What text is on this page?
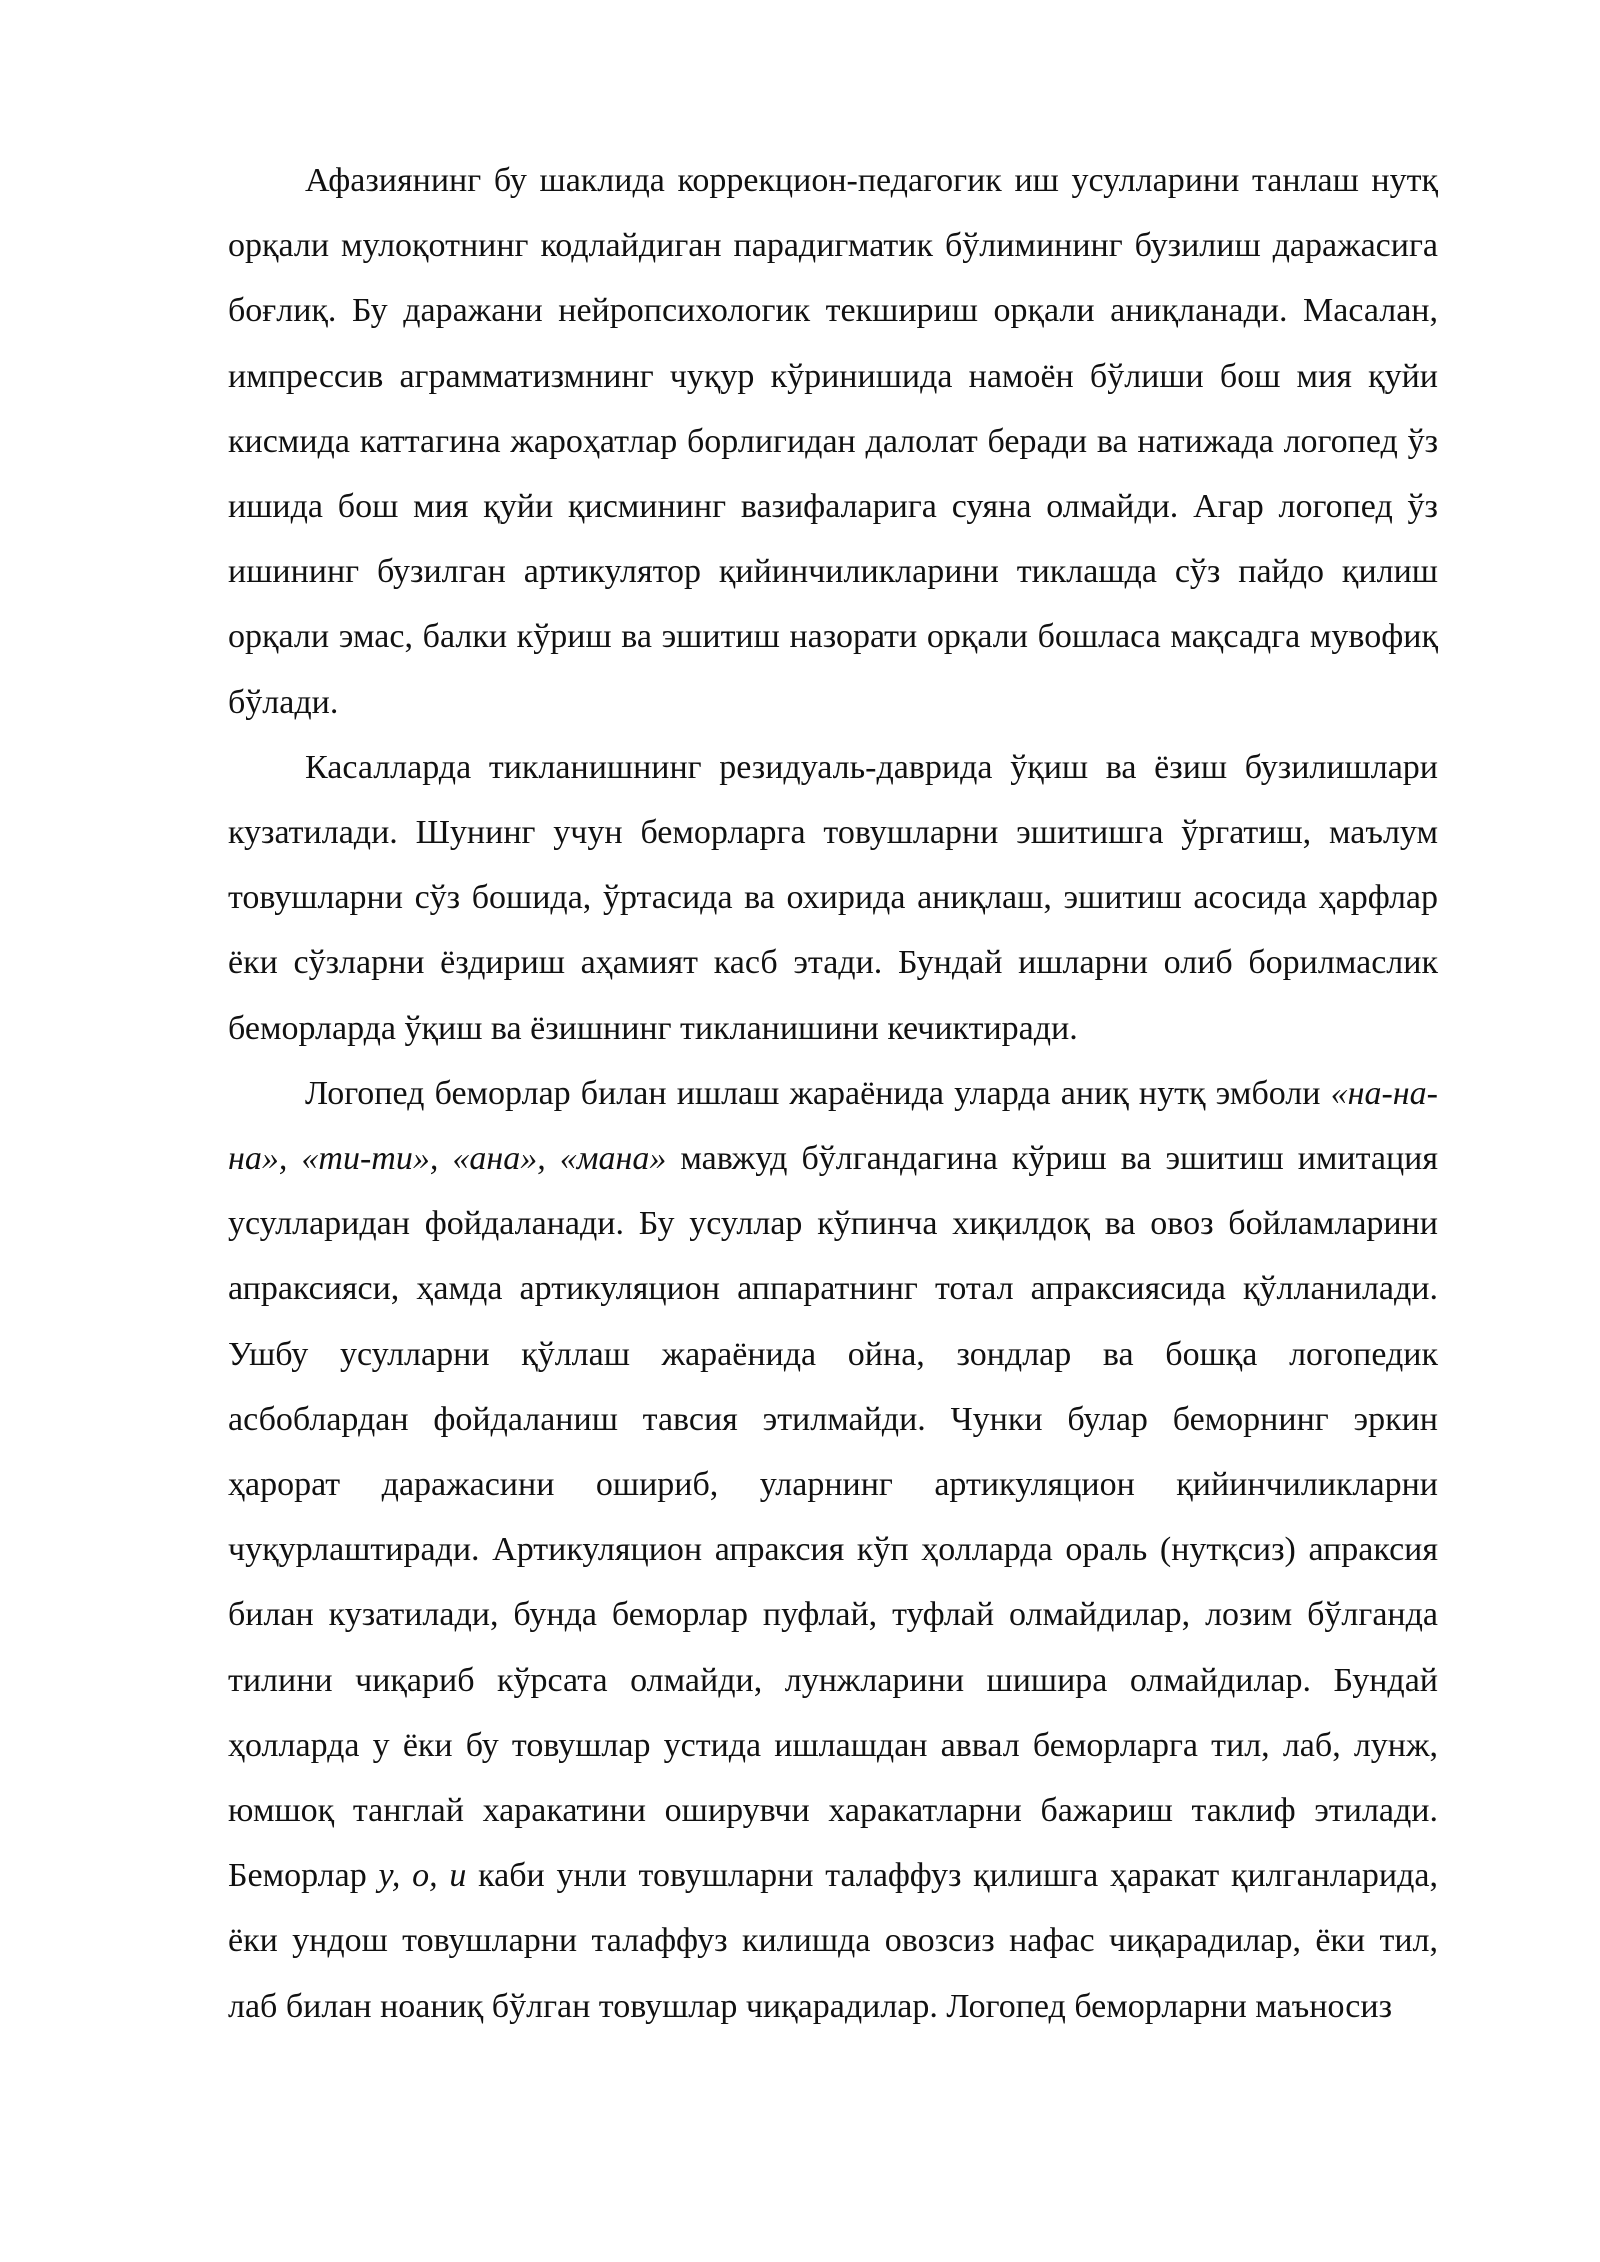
Афазиянинг бу шаклида коррекцион-педагогик иш усулларини танлаш нутқ орқали мулоқотнинг кодлайдиган парадигматик бўлимининг бузилиш даражасига боғлиқ. Бу даражани нейропсихологик текшириш орқали аниқланади. Масалан, импрессив аграмматизмнинг чуқур кўринишида намоён бўлиши бош мия қуйи кисмида каттагина жароҳатлар борлигидан далолат беради ва натижада логопед ўз ишида бош мия қуйи қисмининг вазифаларига суяна олмайди. Агар логопед ўз ишининг бузилган артикулятор қийинчиликларини тиклашда сўз пайдо қилиш орқали эмас, балки кўриш ва эшитиш назорати орқали бошласа мақсадга мувофиқ бўлади.

Касалларда тикланишнинг резидуаль-даврида ўқиш ва ёзиш бузилишлари кузатилади. Шунинг учун беморларга товушларни эшитишга ўргатиш, маълум товушларни сўз бошида, ўртасида ва охирида аниқлаш, эшитиш асосида ҳарфлар ёки сўзларни ёздириш аҳамият касб этади. Бундай ишларни олиб борилмаслик беморларда ўқиш ва ёзишнинг тикланишини кечиктиради.

Логопед беморлар билан ишлаш жараёнида уларда аниқ нутқ эмболи «на-на-на», «ти-ти», «ана», «мана» мавжуд бўлгандагина кўриш ва эшитиш имитация усулларидан фойдаланади. Бу усуллар кўпинча хиқилдоқ ва овоз бойламларини апраксияси, ҳамда артикуляцион аппаратнинг тотал апраксиясида қўлланилади. Ушбу усулларни қўллаш жараёнида ойна, зондлар ва бошқа логопедик асбоблардан фойдаланиш тавсия этилмайди. Чунки булар беморнинг эркин ҳарорат даражасини ошириб, уларнинг артикуляцион қийинчиликларни чуқурлаштиради. Артикуляцион апраксия кўп ҳолларда ораль (нутқсиз) апраксия билан кузатилади, бунда беморлар пуфлай, туфлай олмайдилар, лозим бўлганда тилини чиқариб кўрсата олмайди, лунжларини шишира олмайдилар. Бундай ҳолларда у ёки бу товушлар устида ишлашдан аввал беморларга тил, лаб, лунж, юмшоқ танглай харакатини оширувчи харакатларни бажариш таклиф этилади. Беморлар у, о, и каби унли товушларни талаффуз қилишга ҳаракат қилганларида, ёки ундош товушларни талаффуз килишда овозсиз нафас чиқарадилар, ёки тил, лаб билан ноаниқ бўлган товушлар чиқарадилар. Логопед беморларни маъносиз
